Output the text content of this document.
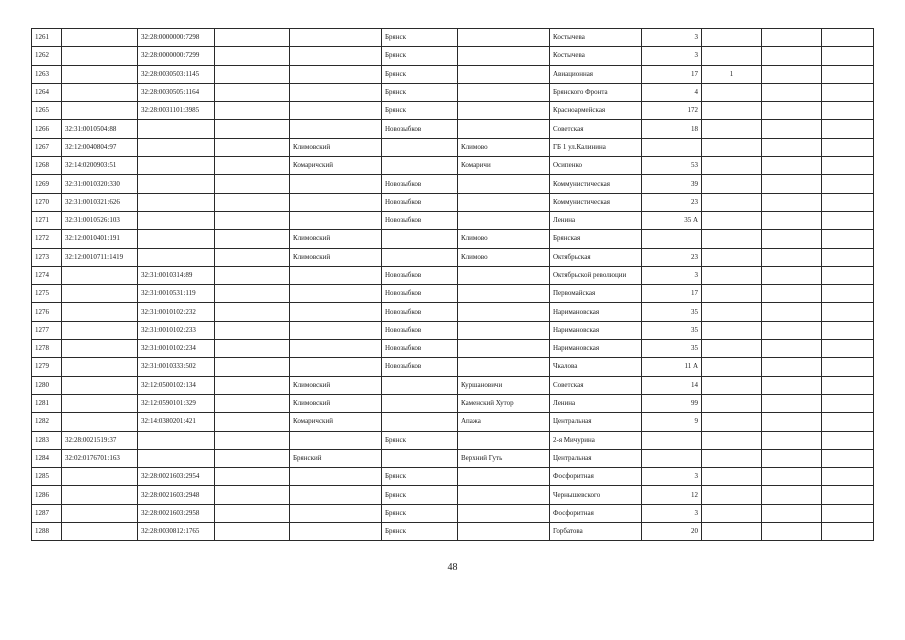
1261		32:28:0000000:7298			Брянск		Костычева	3			
1262		32:28:0000000:7299			Брянск		Костычева	3			
1263		32:28:0030503:1145			Брянск		Авиационная	17	1		
1264		32:28:0030505:1164			Брянск		Брянского Фронта	4			
1265		32:28:0031101:3985			Брянск		Красноармейская	172			
1266	32:31:0010504:88				Новозыбков		Советская	18			
1267	32:12:0040804:97			Климовский		Климово	ГБ 1 ул.Калинина				
1268	32:14:0200903:51			Комаричский		Комаричи	Осипенко	53			
1269	32:31:0010320:330				Новозыбков		Коммунистическая	39			
1270	32:31:0010321:626				Новозыбков		Коммунистическая	23			
1271	32:31:0010526:103				Новозыбков		Ленина	35 А			
1272	32:12:0010401:191			Климовский		Климово	Брянская				
1273	32:12:0010711:1419			Климовский		Климово	Октябрьская	23			
1274		32:31:0010314:89			Новозыбков		Октябрьской революции	3			
1275		32:31:0010531:119			Новозыбков		Первомайская	17			
1276		32:31:0010102:232			Новозыбков		Наримановская	35			
1277		32:31:0010102:233			Новозыбков		Наримановская	35			
1278		32:31:0010102:234			Новозыбков		Наримановская	35			
1279		32:31:0010333:502			Новозыбков		Чкалова	11 А			
1280		32:12:0500102:134		Климовский		Куршановичи	Советская	14			
1281		32:12:0590101:329		Климовский		Каменский Хутор	Ленина	99			
1282		32:14:0380201:421		Комаричский		Апажа	Центральная	9			
1283	32:28:0021519:37				Брянск		2-я Мичурина				
1284	32:02:0176701:163			Брянский		Верхний Гуть	Центральная				
1285		32:28:0021603:2954			Брянск		Фосфоритная	3			
1286		32:28:0021603:2948			Брянск		Чернышевского	12			
1287		32:28:0021603:2958			Брянск		Фосфоритная	3			
1288		32:28:0030812:1765			Брянск		Горбатова	20			
48
